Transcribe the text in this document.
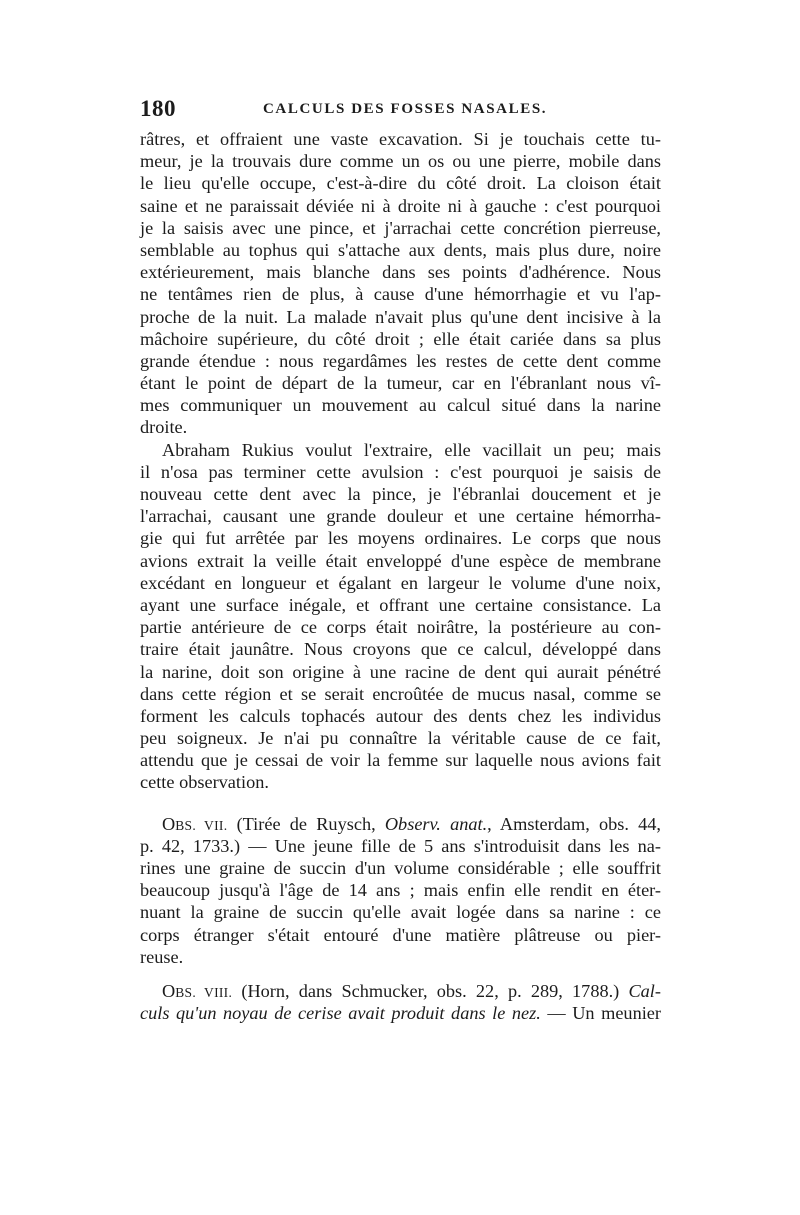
180	CALCULS DES FOSSES NASALES.
râtres, et offraient une vaste excavation. Si je touchais cette tu-
meur, je la trouvais dure comme un os ou une pierre, mobile dans
le lieu qu'elle occupe, c'est-à-dire du côté droit. La cloison était
saine et ne paraissait déviée ni à droite ni à gauche : c'est pourquoi
je la saisis avec une pince, et j'arrachai cette concrétion pierreuse,
semblable au tophus qui s'attache aux dents, mais plus dure, noire
extérieurement, mais blanche dans ses points d'adhérence. Nous
ne tentâmes rien de plus, à cause d'une hémorrhagie et vu l'ap-
proche de la nuit. La malade n'avait plus qu'une dent incisive à la
mâchoire supérieure, du côté droit ; elle était cariée dans sa plus
grande étendue : nous regardâmes les restes de cette dent comme
étant le point de départ de la tumeur, car en l'ébranlant nous vî-
mes communiquer un mouvement au calcul situé dans la narine
droite.
Abraham Rukius voulut l'extraire, elle vacillait un peu; mais
il n'osa pas terminer cette avulsion : c'est pourquoi je saisis de
nouveau cette dent avec la pince, je l'ébranlai doucement et je
l'arrachai, causant une grande douleur et une certaine hémorrha-
gie qui fut arrêtée par les moyens ordinaires. Le corps que nous
avions extrait la veille était enveloppé d'une espèce de membrane
excédant en longueur et égalant en largeur le volume d'une noix,
ayant une surface inégale, et offrant une certaine consistance. La
partie antérieure de ce corps était noirâtre, la postérieure au con-
traire était jaunâtre. Nous croyons que ce calcul, développé dans
la narine, doit son origine à une racine de dent qui aurait pénétré
dans cette région et se serait encroûtée de mucus nasal, comme se
forment les calculs tophacés autour des dents chez les individus
peu soigneux. Je n'ai pu connaître la véritable cause de ce fait,
attendu que je cessai de voir la femme sur laquelle nous avions fait
cette observation.
OBS. VII. (Tirée de Ruysch, Observ. anat., Amsterdam, obs. 44,
p. 42, 1733.) — Une jeune fille de 5 ans s'introduisit dans les na-
rines une graine de succin d'un volume considérable ; elle souffrit
beaucoup jusqu'à l'âge de 14 ans ; mais enfin elle rendit en éter-
nuant la graine de succin qu'elle avait logée dans sa narine : ce
corps étranger s'était entouré d'une matière plâtreuse ou pier-
reuse.
OBS. VIII. (Horn, dans Schmucker, obs. 22, p. 289, 1788.) Cal-
culs qu'un noyau de cerise avait produit dans le nez. — Un meunier
